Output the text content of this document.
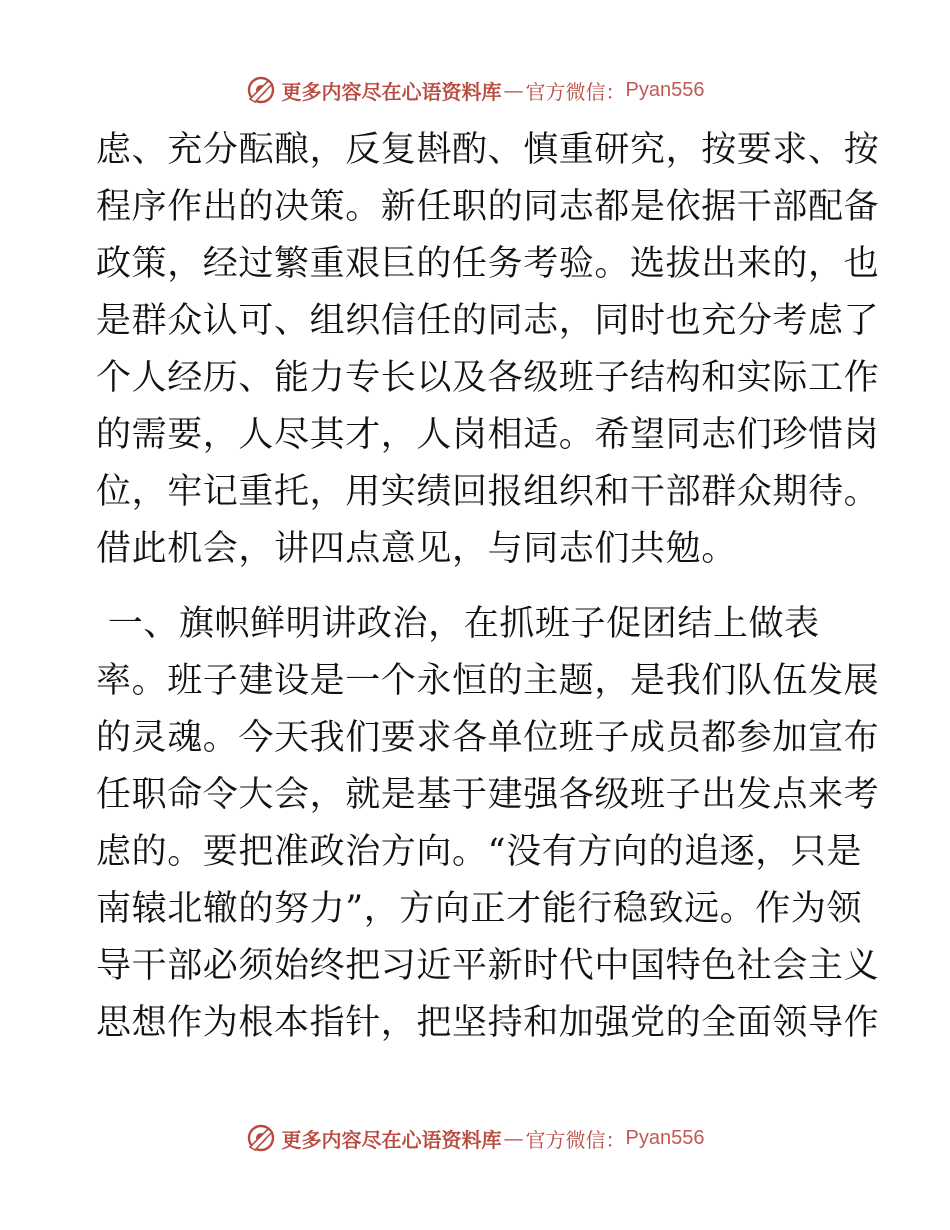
更多内容尽在心语资料库 — 官方微信： Pyan556
虑、充分酝酿，反复斟酌、慎重研究，按要求、按
程序作出的决策。新任职的同志都是依据干部配备
政策，经过繁重艰巨的任务考验。选拔出来的，也
是群众认可、组织信任的同志，同时也充分考虑了
个人经历、能力专长以及各级班子结构和实际工作
的需要，人尽其才，人岗相适。希望同志们珍惜岗
位，牢记重托，用实绩回报组织和干部群众期待。
借此机会，讲四点意见，与同志们共勉。
一、旗帜鲜明讲政治，在抓班子促团结上做表
率。班子建设是一个永恒的主题，是我们队伍发展
的灵魂。今天我们要求各单位班子成员都参加宣布
任职命令大会，就是基于建强各级班子出发点来考
虑的。要把准政治方向。“没有方向的追逐，只是
南辕北辙的努力”，方向正才能行稳致远。作为领
导干部必须始终把习近平新时代中国特色社会主义
思想作为根本指针，把坚持和加强党的全面领导作
更多内容尽在心语资料库 — 官方微信： Pyan556
